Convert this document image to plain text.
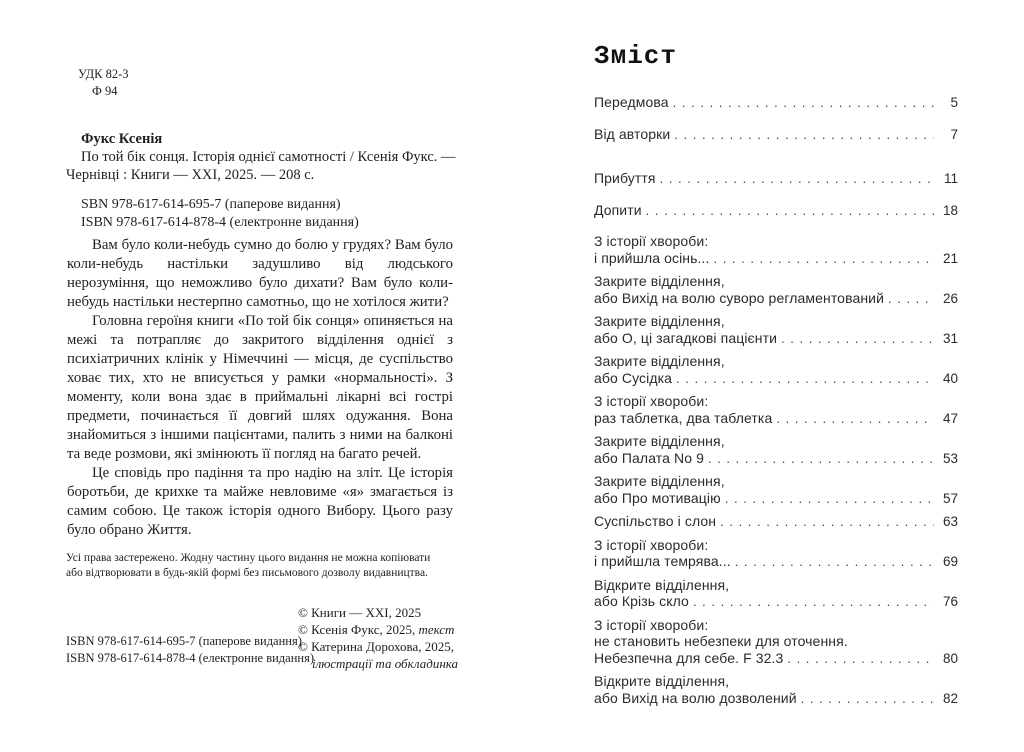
УДК 82-3
Ф 94
Фукс Ксенія
По той бік сонця. Історія однієї самотності / Ксенія Фукс. —
Чернівці : Книги — XXI, 2025. — 208 с.
SBN 978-617-614-695-7 (паперове видання)
ISBN 978-617-614-878-4 (електронне видання)

Вам було коли-небудь сумно до болю у грудях? Вам було коли-небудь настільки задушливо від людського нерозуміння, що неможливо було дихати? Вам було коли-небудь настільки нестерпно самотньо, що не хотілося жити?

Головна героїня книги «По той бік сонця» опиняється на межі та потрапляє до закритого відділення однієї з психіатричних клінік у Німеччині — місця, де суспільство ховає тих, хто не вписується у рамки «нормальності». З моменту, коли вона здає в приймальні лікарні всі гострі предмети, починається її довгий шлях одужання. Вона знайомиться з іншими пацієнтами, палить з ними на балконі та веде розмови, які змінюють її погляд на багато речей.

Це сповідь про падіння та про надію на зліт. Це історія боротьби, де крихке та майже невловиме «я» змагається із самим собою. Це також історія одного Вибору. Цього разу було обрано Життя.

Усі права застережено. Жодну частину цього видання не можна копіювати або відтворювати в будь-якій формі без письмового дозволу видавництва.

© Книги — XXI, 2025
© Ксенія Фукс, 2025, текст
© Катерина Дорохова, 2025,
ілюстрації та обкладинка
ISBN 978-617-614-695-7 (паперове видання)
ISBN 978-617-614-878-4 (електронне видання)
Зміст
Передмова . . .	5
Від авторки . . .	7
Прибуття . . .	11
Допити . . .	18
З історії хвороби:
і прийшла осінь... . . .	21
Закрите відділення,
або Вихід на волю суворо регламентований . . .	26
Закрите відділення,
або О, ці загадкові пацієнти . . .	31
Закрите відділення,
або Сусідка . . .	40
З історії хвороби:
раз таблетка, два таблетка . . .	47
Закрите відділення,
або Палата No 9 . . .	53
Закрите відділення,
або Про мотивацію . . .	57
Суспільство і слон . . .	63
З історії хвороби:
і прийшла темрява... . . .	69
Відкрите відділення,
або Крізь скло . . .	76
З історії хвороби:
не становить небезпеки для оточення.
Небезпечна для себе. F 32.3 . . .	80
Відкрите відділення,
або Вихід на волю дозволений . . .	82
